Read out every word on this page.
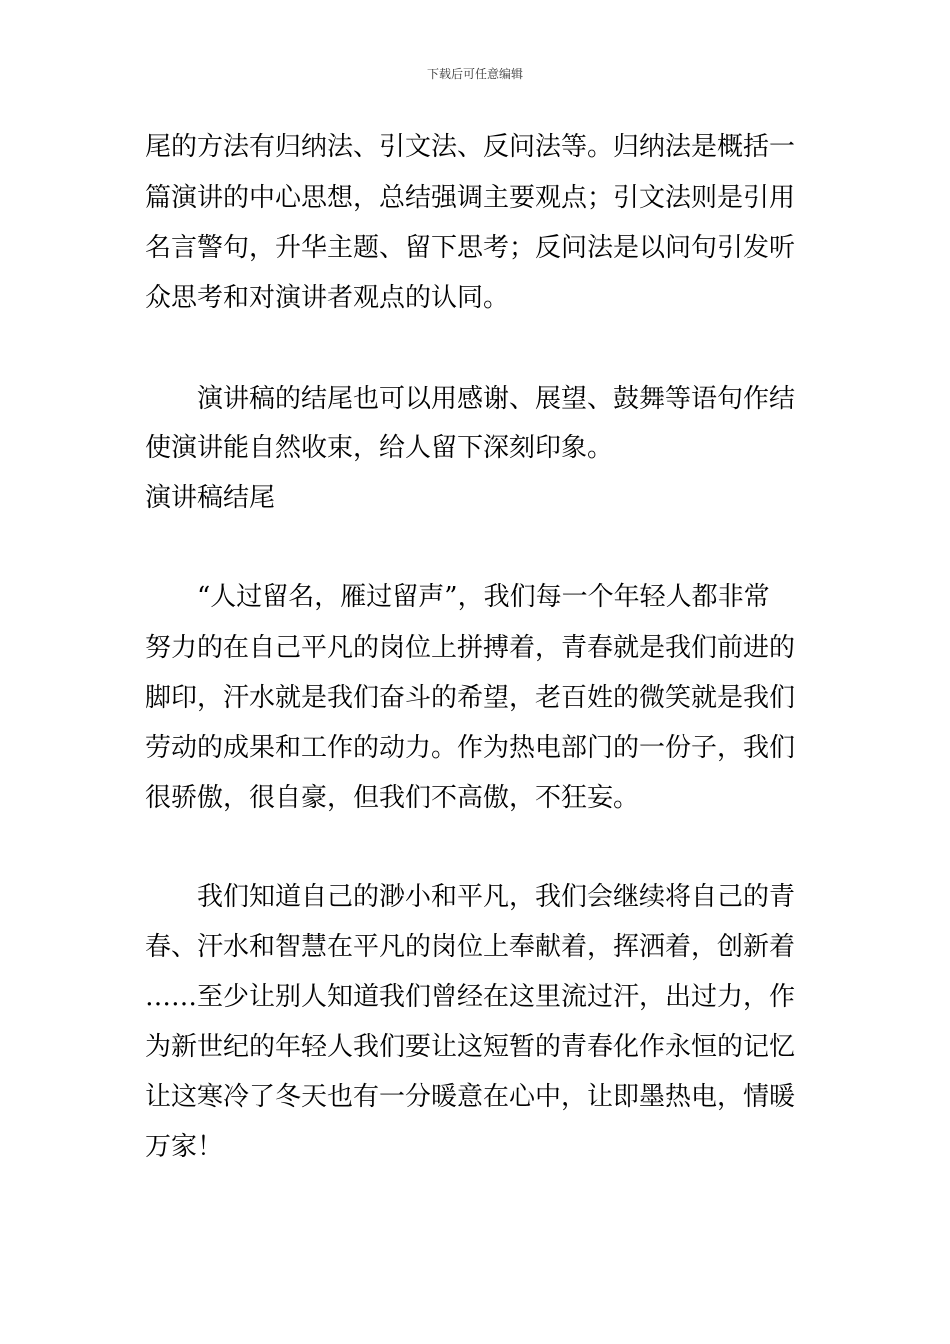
下载后可任意编辑
尾的方法有归纳法、引文法、反问法等。归纳法是概括一
篇演讲的中心思想，总结强调主要观点；引文法则是引用
名言警句，升华主题、留下思考；反问法是以问句引发听
众思考和对演讲者观点的认同。
演讲稿的结尾也可以用感谢、展望、鼓舞等语句作结
使演讲能自然收束，给人留下深刻印象。
演讲稿结尾
“人过留名，雁过留声”，我们每一个年轻人都非常
努力的在自己平凡的岗位上拼搏着，青春就是我们前进的
脚印，汗水就是我们奋斗的希望，老百姓的微笑就是我们
劳动的成果和工作的动力。作为热电部门的一份子，我们
很骄傲，很自豪，但我们不高傲，不狂妄。
我们知道自己的渺小和平凡，我们会继续将自己的青
春、汗水和智慧在平凡的岗位上奉献着，挥洒着，创新着
……至少让别人知道我们曾经在这里流过汗，出过力，作
为新世纪的年轻人我们要让这短暂的青春化作永恒的记忆
让这寒冷了冬天也有一分暖意在心中，让即墨热电，情暖
万家！
